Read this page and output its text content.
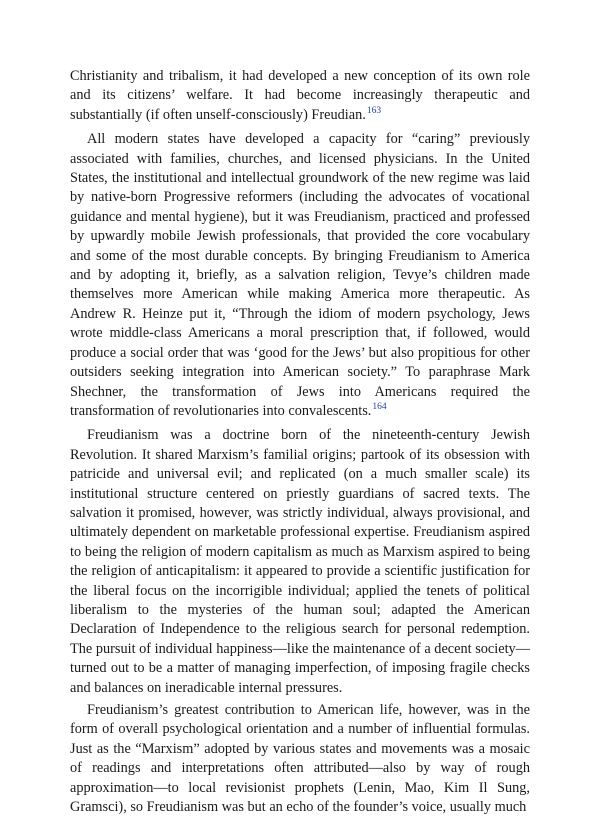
Christianity and tribalism, it had developed a new conception of its own role and its citizens’ welfare. It had become increasingly therapeutic and substantially (if often unself-consciously) Freudian.$^{163}$

All modern states have developed a capacity for “caring” previously associated with families, churches, and licensed physicians. In the United States, the institutional and intellectual groundwork of the new regime was laid by native-born Progressive reformers (including the advocates of vocational guidance and mental hygiene), but it was Freudianism, practiced and professed by upwardly mobile Jewish professionals, that provided the core vocabulary and some of the most durable concepts. By bringing Freudianism to America and by adopting it, briefly, as a salvation religion, Tevye’s children made themselves more American while making America more therapeutic. As Andrew R. Heinze put it, “Through the idiom of modern psychology, Jews wrote middle-class Americans a moral prescription that, if followed, would produce a social order that was ‘good for the Jews’ but also propitious for other outsiders seeking integration into American society.” To paraphrase Mark Shechner, the transformation of Jews into Americans required the transformation of revolutionaries into convalescents.$^{164}$

Freudianism was a doctrine born of the nineteenth-century Jewish Revolution. It shared Marxism’s familial origins; partook of its obsession with patricide and universal evil; and replicated (on a much smaller scale) its institutional structure centered on priestly guardians of sacred texts. The salvation it promised, however, was strictly individual, always provisional, and ultimately dependent on marketable professional expertise. Freudianism aspired to being the religion of modern capitalism as much as Marxism aspired to being the religion of anticapitalism: it appeared to provide a scientific justification for the liberal focus on the incorrigible individual; applied the tenets of political liberalism to the mysteries of the human soul; adapted the American Declaration of Independence to the religious search for personal redemption. The pursuit of individual happiness—like the maintenance of a decent society—turned out to be a matter of managing imperfection, of imposing fragile checks and balances on ineradicable internal pressures.

Freudianism’s greatest contribution to American life, however, was in the form of overall psychological orientation and a number of influential formulas. Just as the “Marxism” adopted by various states and movements was a mosaic of readings and interpretations often attributed—also by way of rough approximation—to local revisionist prophets (Lenin, Mao, Kim Il Sung, Gramsci), so Freudianism was but an echo of the founder’s voice, usually much
